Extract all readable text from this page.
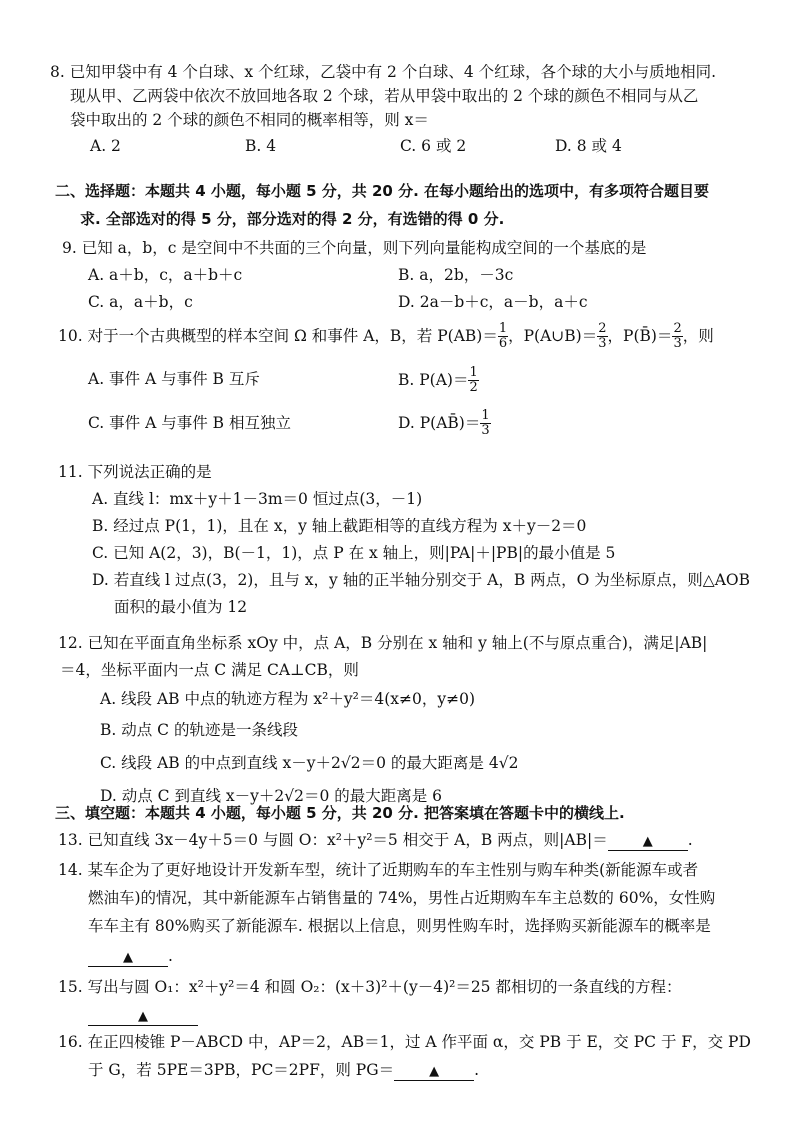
8. 已知甲袋中有 4 个白球、x 个红球，乙袋中有 2 个白球、4 个红球，各个球的大小与质地相同.
现从甲、乙两袋中依次不放回地各取 2 个球，若从甲袋中取出的 2 个球的颜色不相同与从乙
袋中取出的 2 个球的颜色不相同的概率相等，则 x＝
A. 2	B. 4	C. 6 或 2	D. 8 或 4
二、选择题：本题共 4 小题，每小题 5 分，共 20 分. 在每小题给出的选项中，有多项符合题目要
求. 全部选对的得 5 分，部分选对的得 2 分，有选错的得 0 分.
9. 已知 a，b，c 是空间中不共面的三个向量，则下列向量能构成空间的一个基底的是
A. a＋b，c，a＋b＋c	B. a，2b，－3c
C. a，a＋b，c	D. 2a－b＋c，a－b，a＋c
10. 对于一个古典概型的样本空间 Ω 和事件 A，B，若 $P(AB)= \frac{1}{6}$ ，P(A∪B)＝ $\frac{2}{3}$ ，P(B̄)＝ $\frac{2}{3}$ ，则
A. 事件 A 与事件 B 互斥	B. $P(A)= \frac{1}{2}$
C. 事件 A 与事件 B 相互独立	D. P(AB̄)＝ $\frac{1}{3}$
11. 下列说法正确的是
A. 直线 l：mx＋y＋1－3m＝0 恒过点(3，－1)
B. 经过点 P(1，1)，且在 x，y 轴上截距相等的直线方程为 x＋y－2＝0
C. 已知 A(2，3)，B(－1，1)，点 P 在 x 轴上，则|PA|＋|PB|的最小值是 5
D. 若直线 l 过点(3，2)，且与 x，y 轴的正半轴分别交于 A，B 两点，O 为坐标原点，则△AOB
面积的最小值为 12
12. 已知在平面直角坐标系 xOy 中，点 A，B 分别在 x 轴和 y 轴上(不与原点重合)，满足|AB|
＝4，坐标平面内一点 C 满足 CA⊥CB，则
A. 线段 AB 中点的轨迹方程为 x²＋y²＝4(x≠0，y≠0)
B. 动点 C 的轨迹是一条线段
C. 线段 AB 的中点到直线 x－y＋2√2＝0 的最大距离是 4√2
D. 动点 C 到直线 x－y＋2√2＝0 的最大距离是 6
三、填空题：本题共 4 小题，每小题 5 分，共 20 分. 把答案填在答题卡中的横线上.
13. 已知直线 3x－4y＋5＝0 与圆 O：x²＋y²＝5 相交于 A，B 两点，则|AB|＝	▲ .
14. 某车企为了更好地设计开发新车型，统计了近期购车的车主性别与购车种类(新能源车或者
燃油车)的情况，其中新能源车占销售量的 74%，男性占近期购车车主总数的 60%，女性购
车车主有 80%购买了新能源车. 根据以上信息，则男性购车时，选择购买新能源车的概率是
▲ .
15. 写出与圆 O₁：x²＋y²＝4 和圆 O₂：(x＋3)²＋(y－4)²＝25 都相切的一条直线的方程：
▲
16. 在正四棱锥 P－ABCD 中，AP＝2，AB＝1，过 A 作平面 α，交 PB 于 E，交 PC 于 F，交 PD
于 G，若 5PE＝3PB，PC＝2PF，则 PG＝	▲ .
